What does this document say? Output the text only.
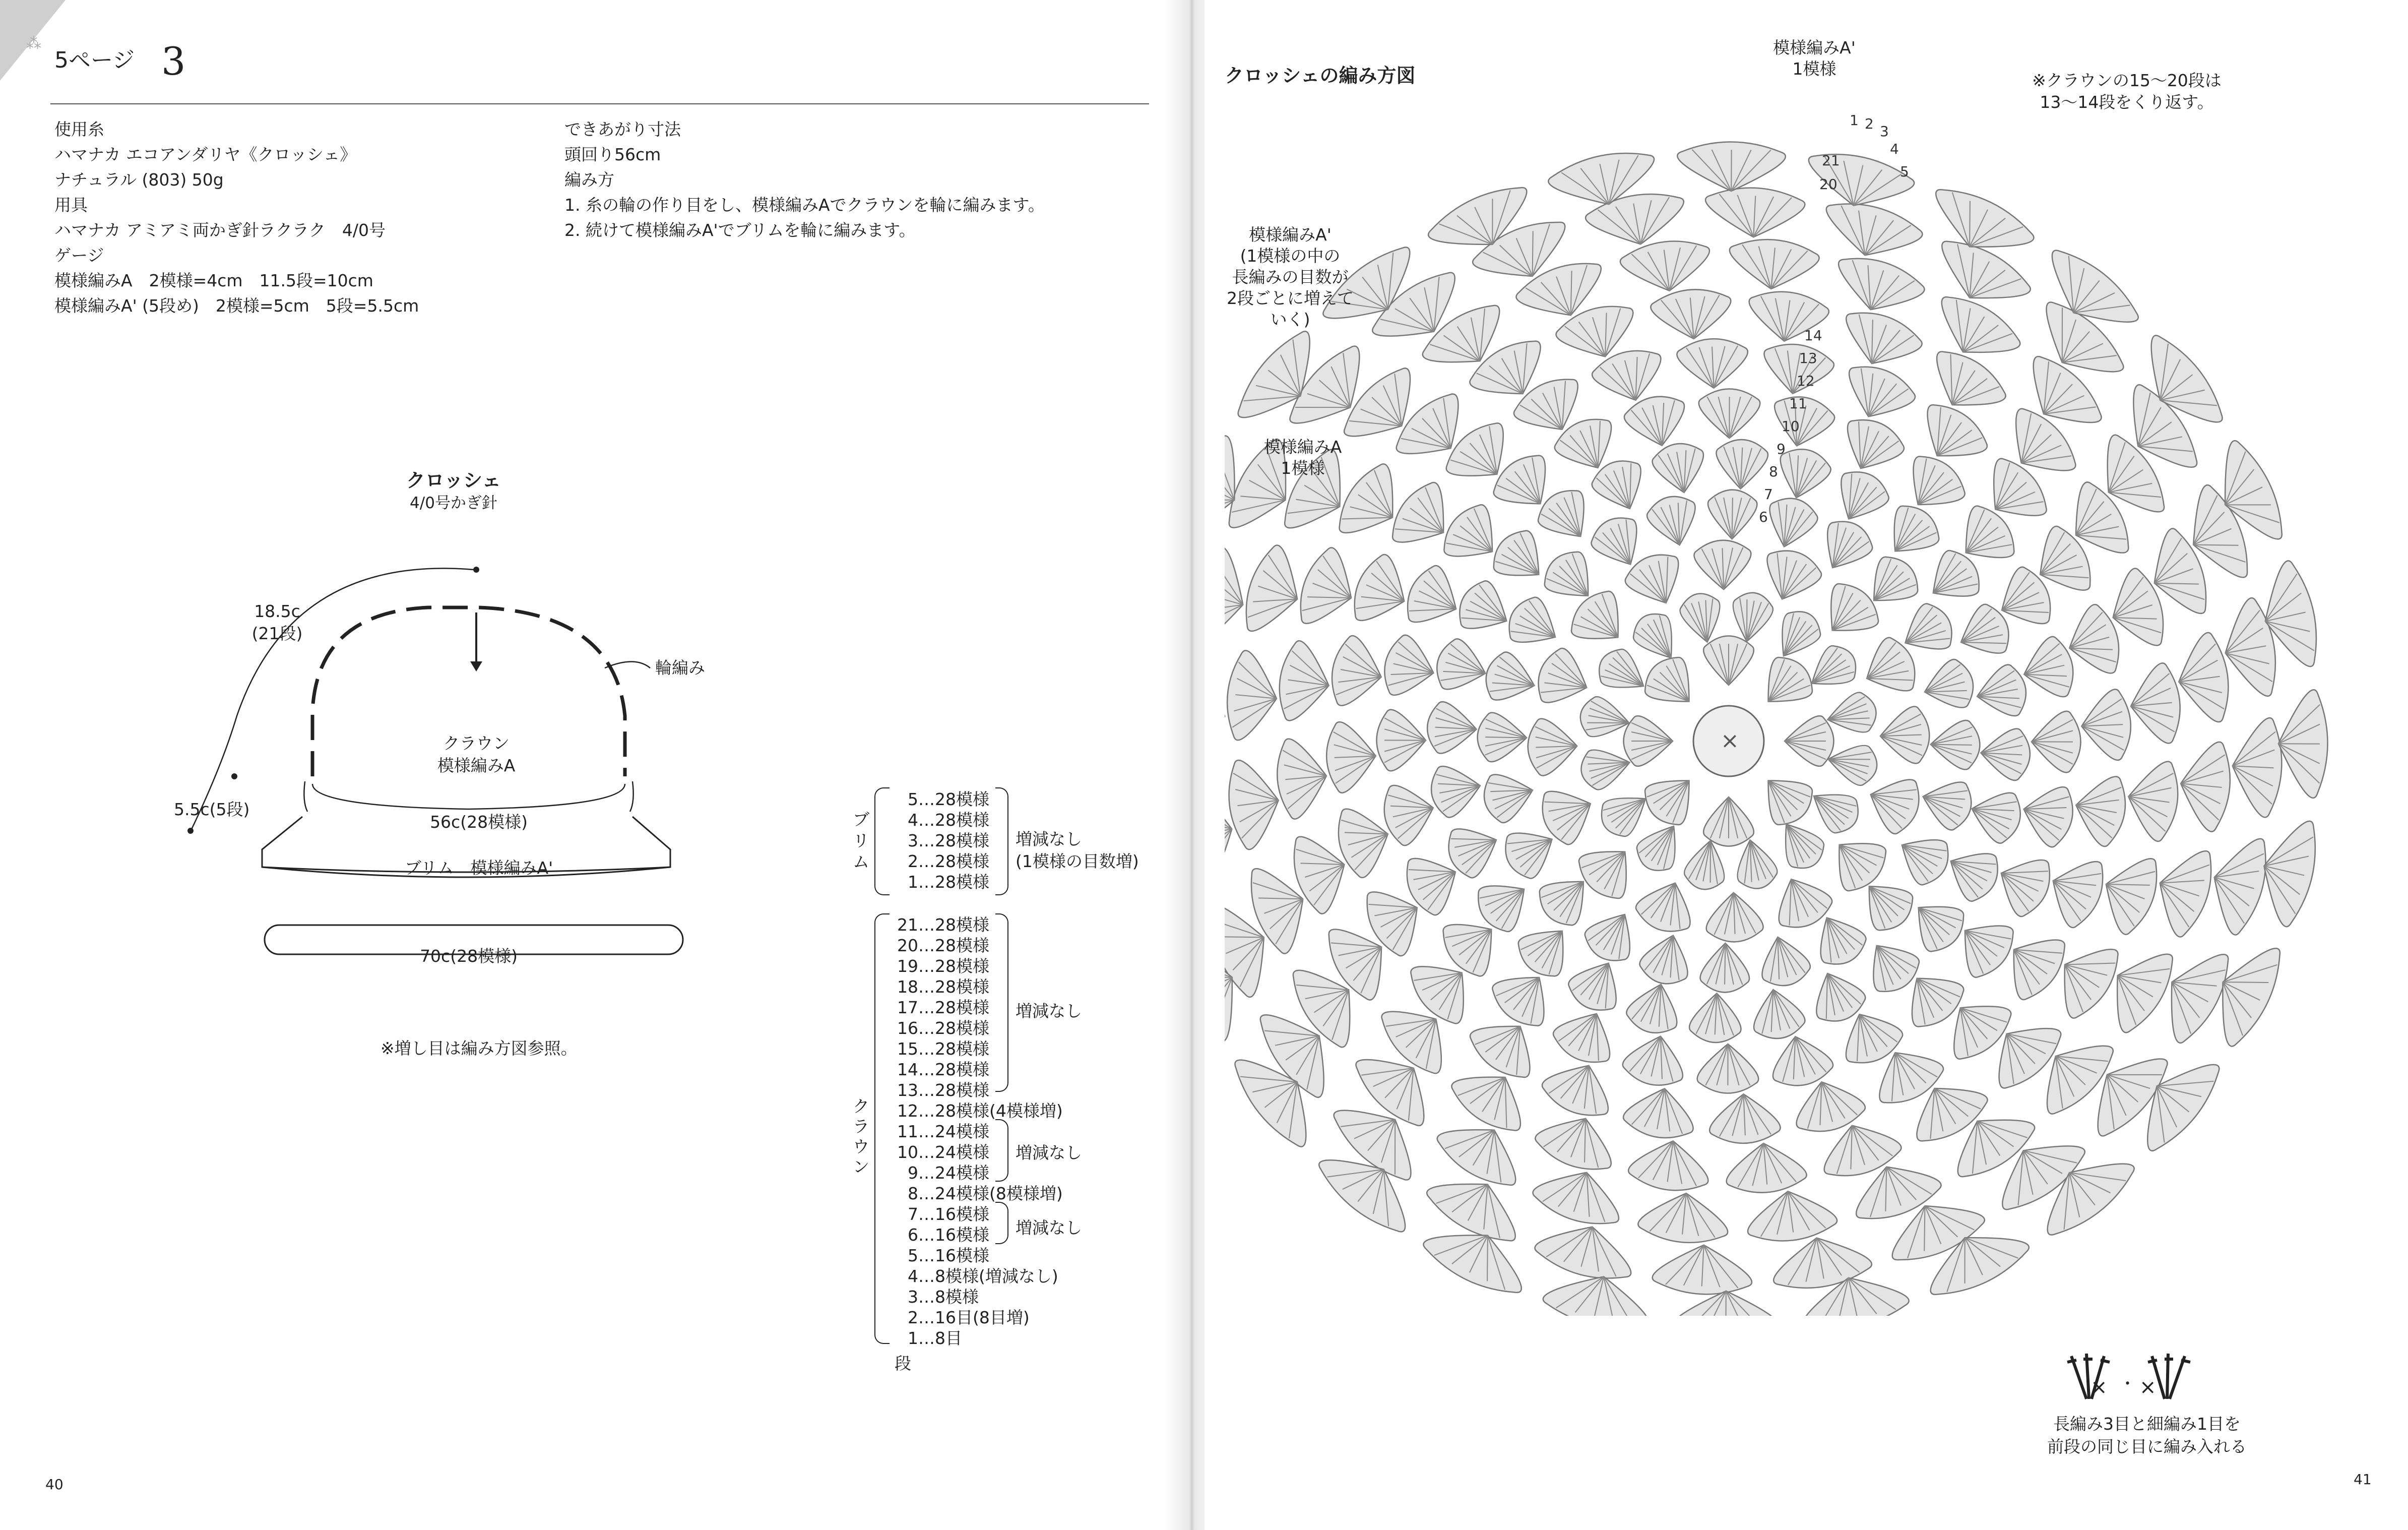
⁂
5ページ 3
使用糸
ハマナカ エコアンダリヤ《クロッシェ》
ナチュラル (803) 50g
用具
ハマナカ アミアミ両かぎ針ラクラク　4/0号
ゲージ
模様編みA　2模様=4cm　11.5段=10cm
模様編みA' (5段め)　2模様=5cm　5段=5.5cm
できあがり寸法
頭回り56cm
編み方
1. 糸の輪の作り目をし、模様編みAでクラウンを輪に編みます。
2. 続けて模様編みA'でブリムを輪に編みます。
クロッシェ
4/0号かぎ針
18.5c
(21段)
輪編み
クラウン
模様編みA
56c(28模様)
5.5c(5段)
ブリム　模様編みA'
70c(28模様)
※増し目は編み方図参照。
ブリム
5…28模様
4…28模様
3…28模様
2…28模様
1…28模様
増減なし
(1模様の目数増)
クラウン
21…28模様
20…28模様
19…28模様
18…28模様
17…28模様
16…28模様
15…28模様
14…28模様
13…28模様
12…28模様(4模様増)
11…24模様
10…24模様
9…24模様
8…24模様(8模様増)
7…16模様
6…16模様
5…16模様
4…8模様(増減なし)
3…8模様
2…16目(8目増)
1…8目
増減なし
増減なし
増減なし
段
40
クロッシェの編み方図
×
5
4
3
2
1
21
20
14
13
12
11
10
9
8
7
6
模様編みA'
1模様
※クラウンの15〜20段は
13〜14段をくり返す。
模様編みA'
(1模様の中の
長編みの目数が
2段ごとに増えて
いく)
模様編みA
1模様
× ×
・
長編み3目と細編み1目を
前段の同じ目に編み入れる
41
